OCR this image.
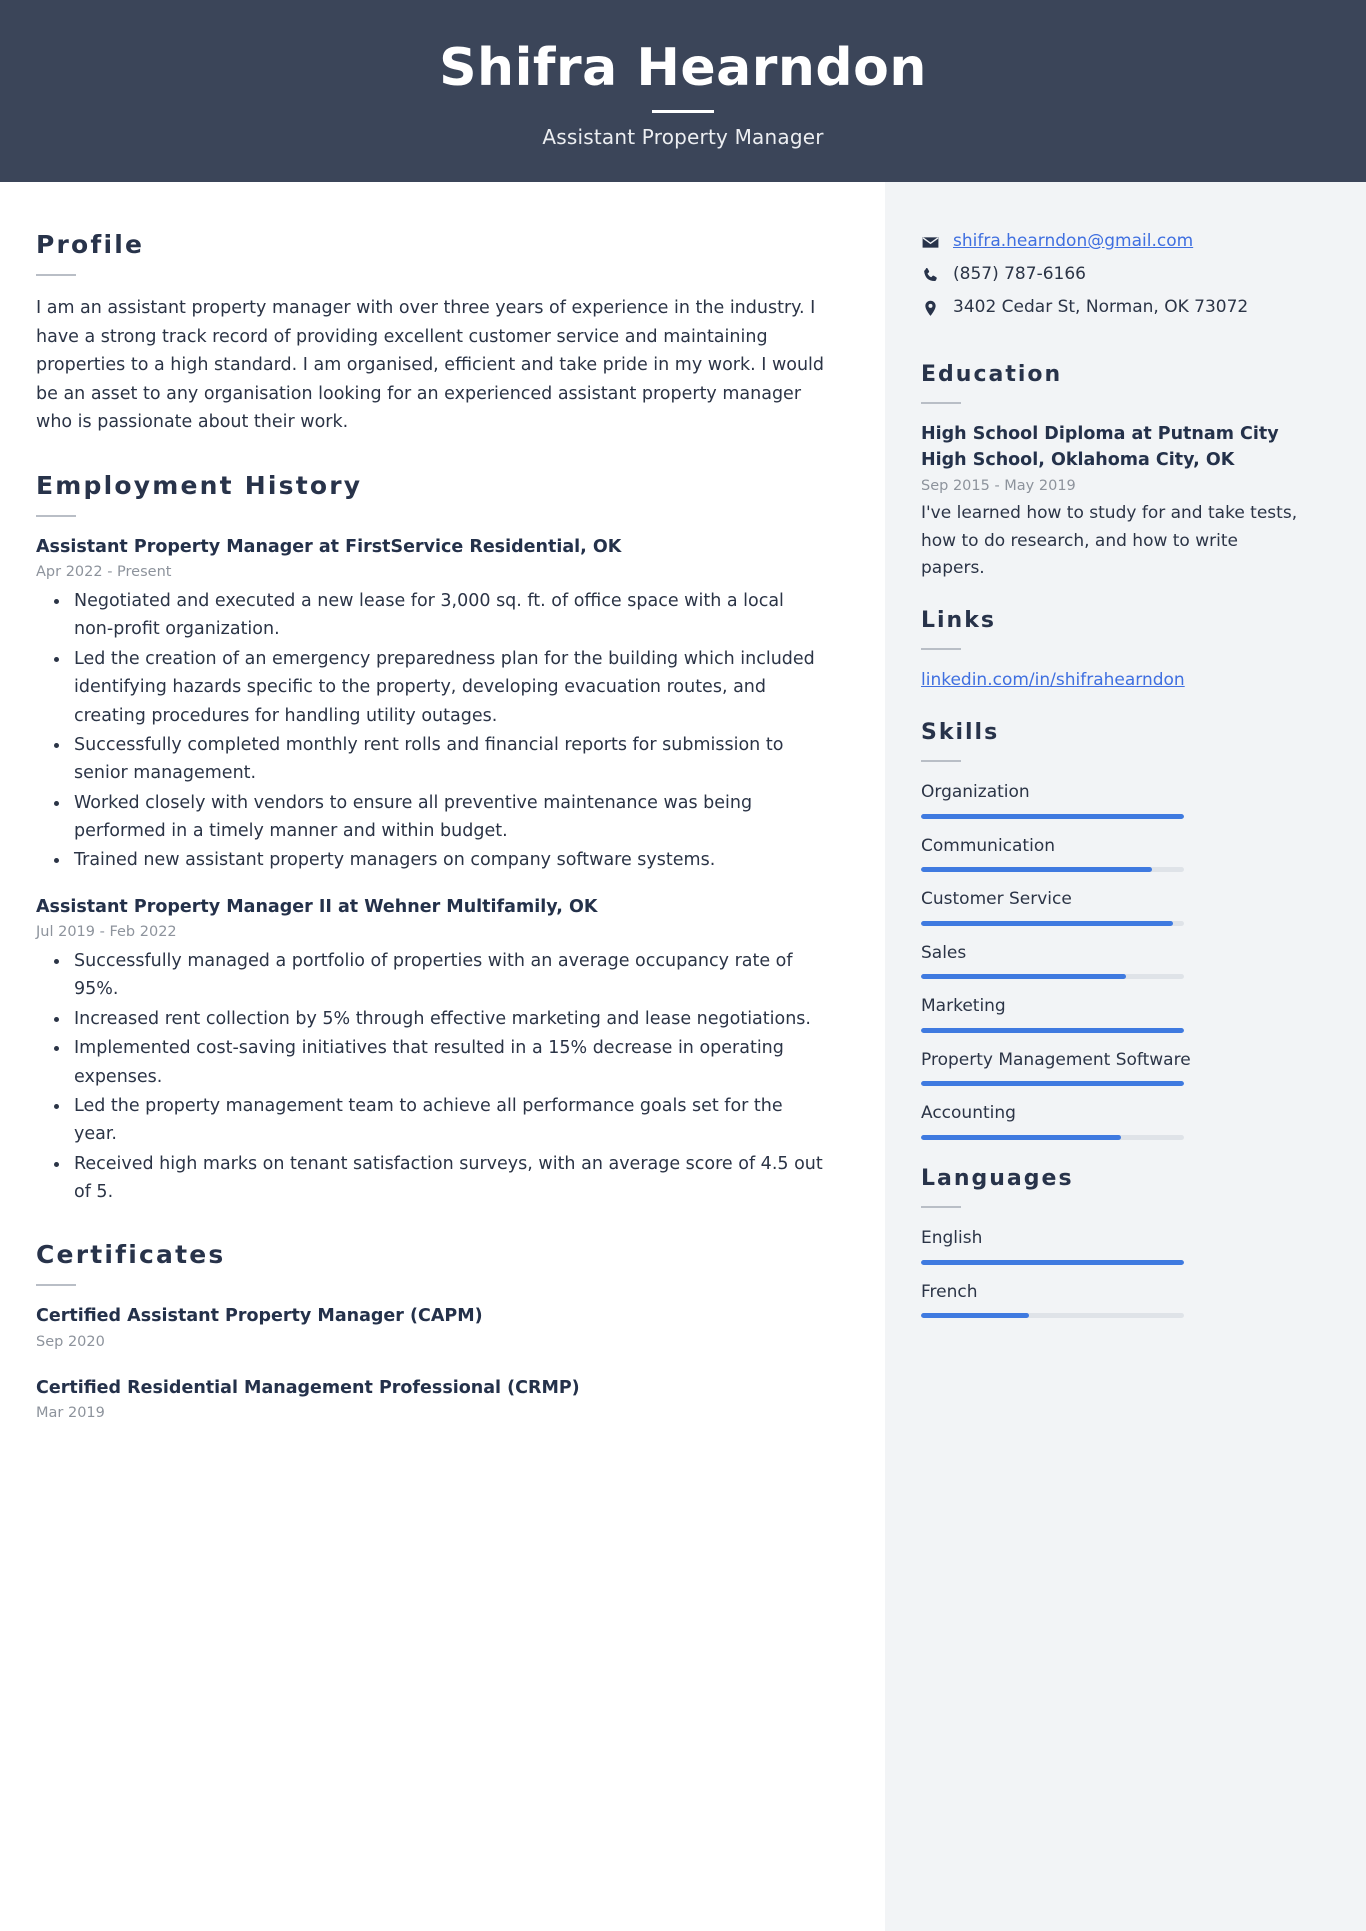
Shifra Hearndon
Assistant Property Manager
Profile
I am an assistant property manager with over three years of experience in the industry. I have a strong track record of providing excellent customer service and maintaining properties to a high standard. I am organised, efficient and take pride in my work. I would be an asset to any organisation looking for an experienced assistant property manager who is passionate about their work.
Employment History
Assistant Property Manager at FirstService Residential, OK
Apr 2022 - Present
• Negotiated and executed a new lease for 3,000 sq. ft. of office space with a local non-profit organization.
• Led the creation of an emergency preparedness plan for the building which included identifying hazards specific to the property, developing evacuation routes, and creating procedures for handling utility outages.
• Successfully completed monthly rent rolls and financial reports for submission to senior management.
• Worked closely with vendors to ensure all preventive maintenance was being performed in a timely manner and within budget.
• Trained new assistant property managers on company software systems.
Assistant Property Manager II at Wehner Multifamily, OK
Jul 2019 - Feb 2022
• Successfully managed a portfolio of properties with an average occupancy rate of 95%.
• Increased rent collection by 5% through effective marketing and lease negotiations.
• Implemented cost-saving initiatives that resulted in a 15% decrease in operating expenses.
• Led the property management team to achieve all performance goals set for the year.
• Received high marks on tenant satisfaction surveys, with an average score of 4.5 out of 5.
Certificates
Certified Assistant Property Manager (CAPM)
Sep 2020
Certified Residential Management Professional (CRMP)
Mar 2019
shifra.hearndon@gmail.com
(857) 787-6166
3402 Cedar St, Norman, OK 73072
Education
High School Diploma at Putnam City High School, Oklahoma City, OK
Sep 2015 - May 2019
I've learned how to study for and take tests, how to do research, and how to write papers.
Links
linkedin.com/in/shifrahearndon
Skills
Organization
Communication
Customer Service
Sales
Marketing
Property Management Software
Accounting
Languages
English
French
